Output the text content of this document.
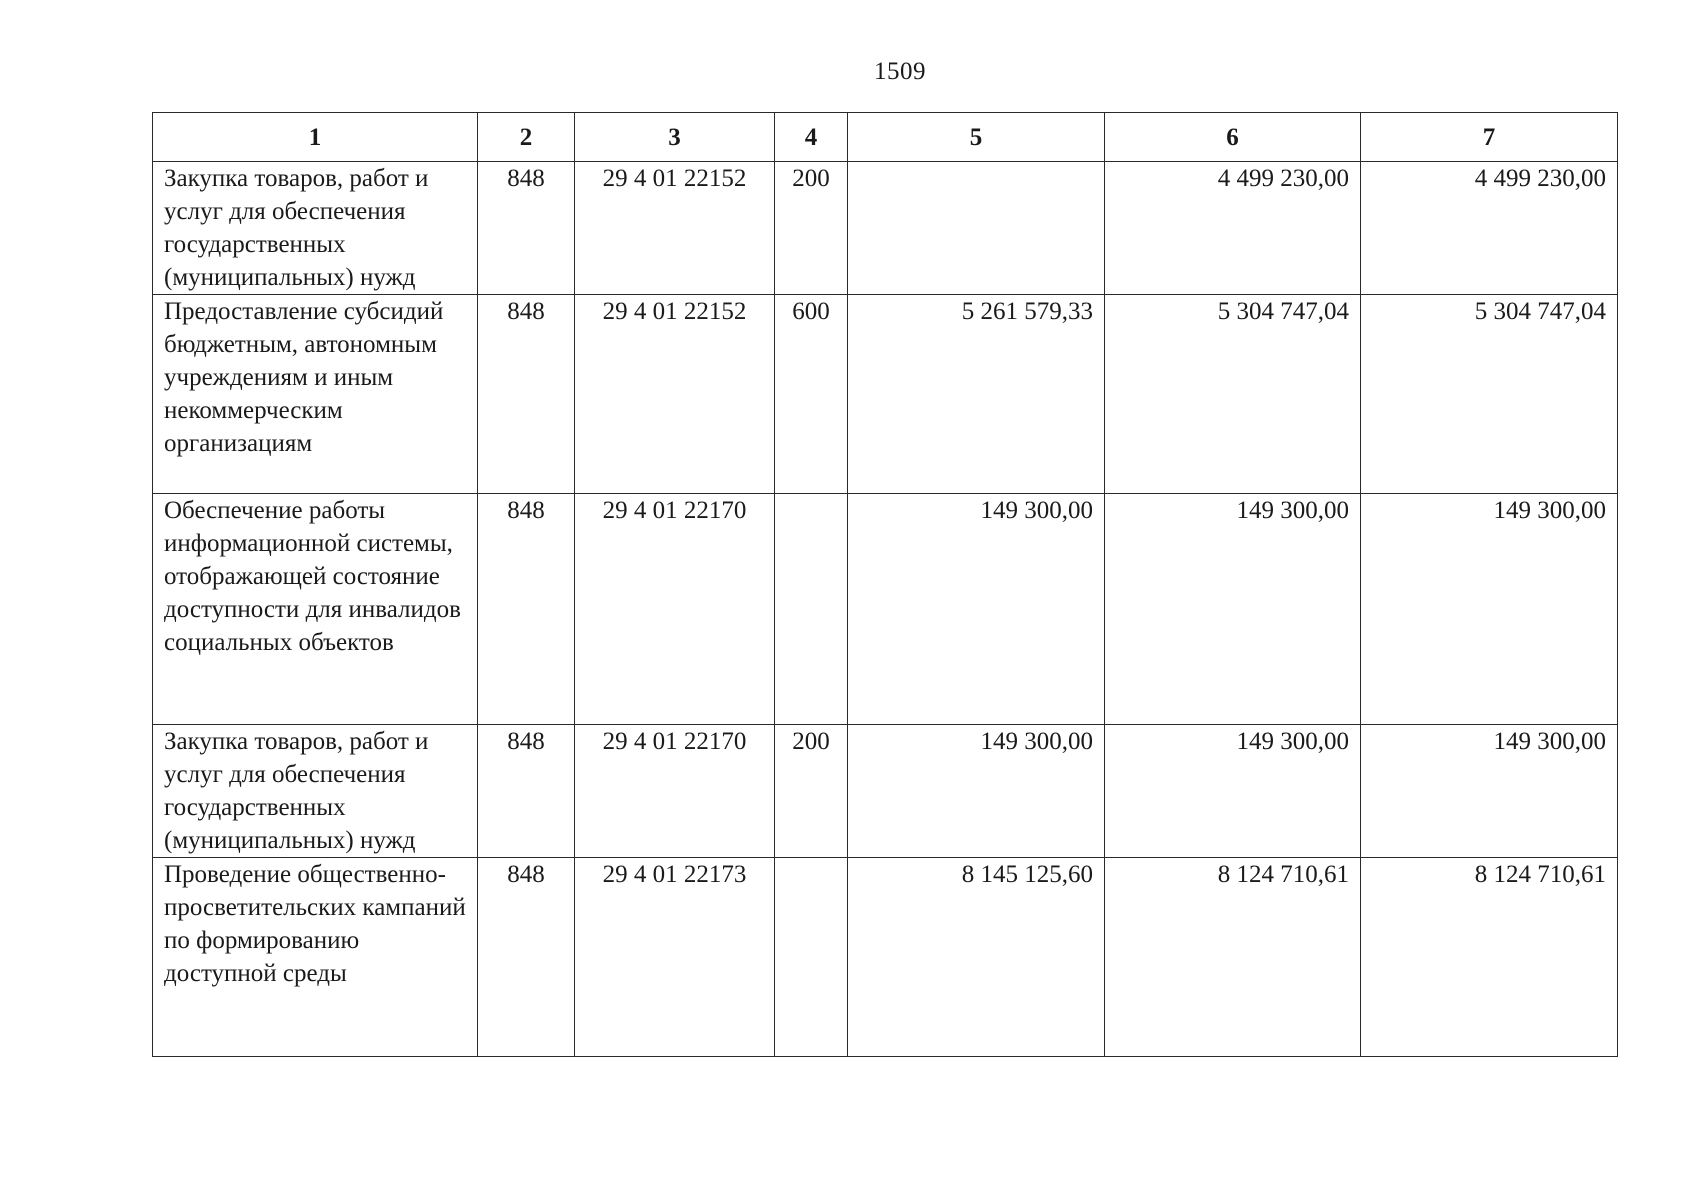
1509
1	2	3	4	5	6	7
Закупка товаров, работ и услуг для обеспечения государственных (муниципальных) нужд	848	29 4 01 22152	200		4 499 230,00	4 499 230,00
Предоставление субсидий бюджетным, автономным учреждениям и иным некоммерческим организациям	848	29 4 01 22152	600	5 261 579,33	5 304 747,04	5 304 747,04
Обеспечение работы информационной системы, отображающей состояние доступности для инвалидов социальных объектов	848	29 4 01 22170		149 300,00	149 300,00	149 300,00
Закупка товаров, работ и услуг для обеспечения государственных (муниципальных) нужд	848	29 4 01 22170	200	149 300,00	149 300,00	149 300,00
Проведение общественно-просветительских кампаний по формированию доступной среды	848	29 4 01 22173		8 145 125,60	8 124 710,61	8 124 710,61
